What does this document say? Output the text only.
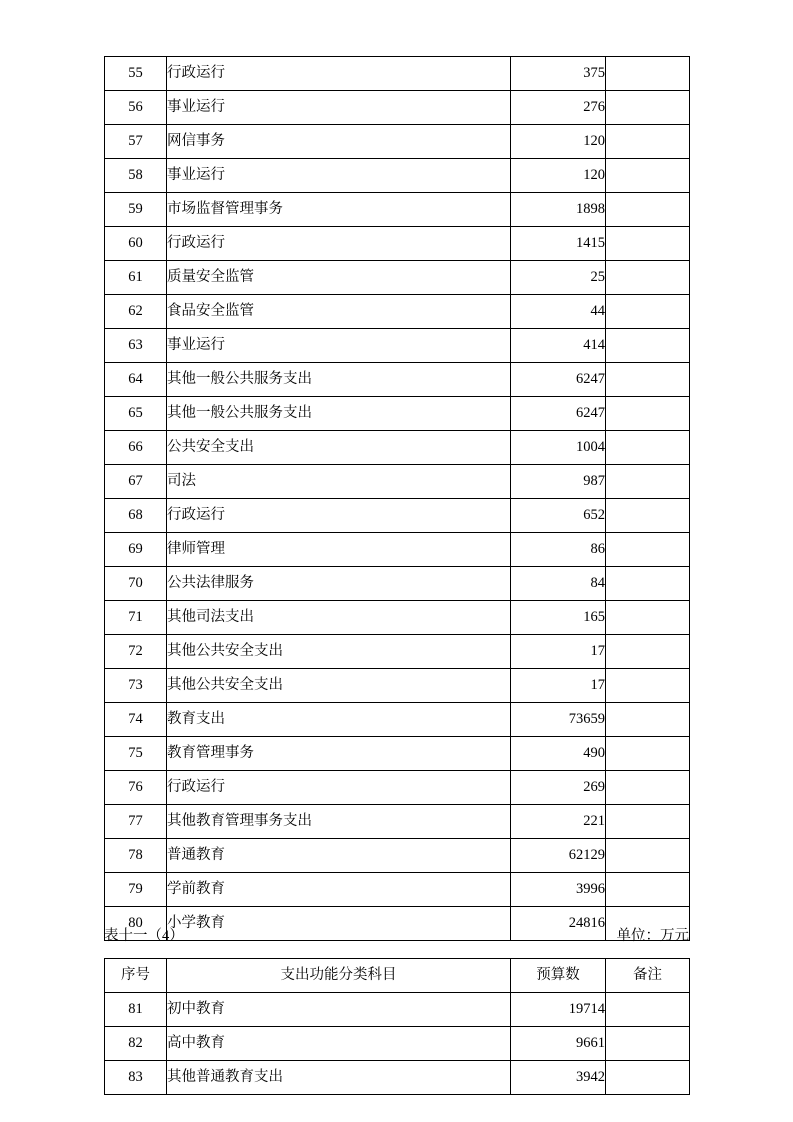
55	行政运行	375	
56	事业运行	276	
57	网信事务	120	
58	事业运行	120	
59	市场监督管理事务	1898	
60	行政运行	1415	
61	质量安全监管	25	
62	食品安全监管	44	
63	事业运行	414	
64	其他一般公共服务支出	6247	
65	其他一般公共服务支出	6247	
66	公共安全支出	1004	
67	司法	987	
68	行政运行	652	
69	律师管理	86	
70	公共法律服务	84	
71	其他司法支出	165	
72	其他公共安全支出	17	
73	其他公共安全支出	17	
74	教育支出	73659	
75	教育管理事务	490	
76	行政运行	269	
77	其他教育管理事务支出	221	
78	普通教育	62129	
79	学前教育	3996	
80	小学教育	24816	
表十一（4）	单位：万元
序号	支出功能分类科目	预算数	备注
81	初中教育	19714	
82	高中教育	9661	
83	其他普通教育支出	3942	
